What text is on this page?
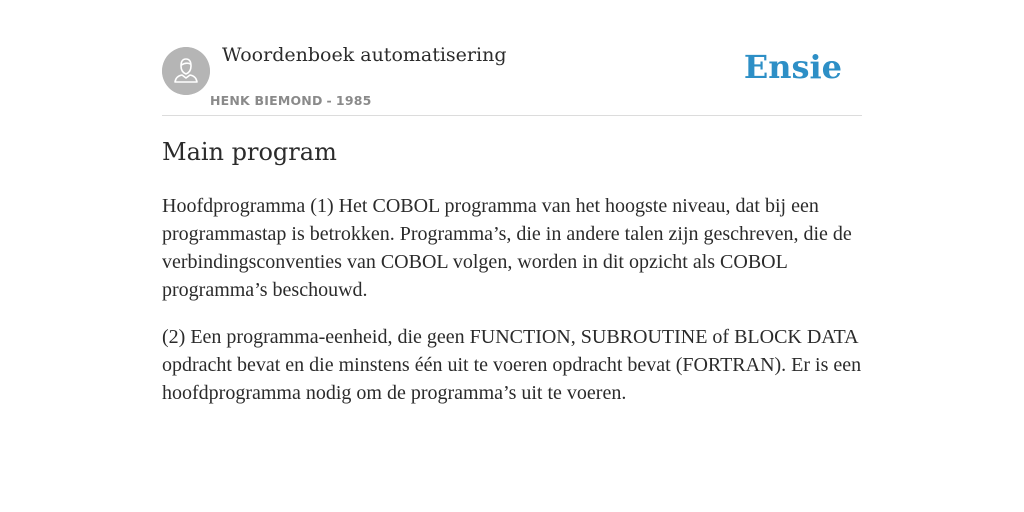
Woordenboek automatisering
HENK BIEMOND - 1985
Ensie
Main program

Hoofdprogramma (1) Het COBOL programma van het hoogste niveau, dat bij een programmastap is betrokken. Programma’s, die in andere talen zijn geschreven, die de verbindingsconventies van COBOL volgen, worden in dit opzicht als COBOL programma’s beschouwd.

(2) Een programma-eenheid, die geen FUNCTION, SUBROUTINE of BLOCK DATA opdracht bevat en die minstens één uit te voeren opdracht bevat (FORTRAN). Er is een hoofdprogramma nodig om de programma’s uit te voeren.
